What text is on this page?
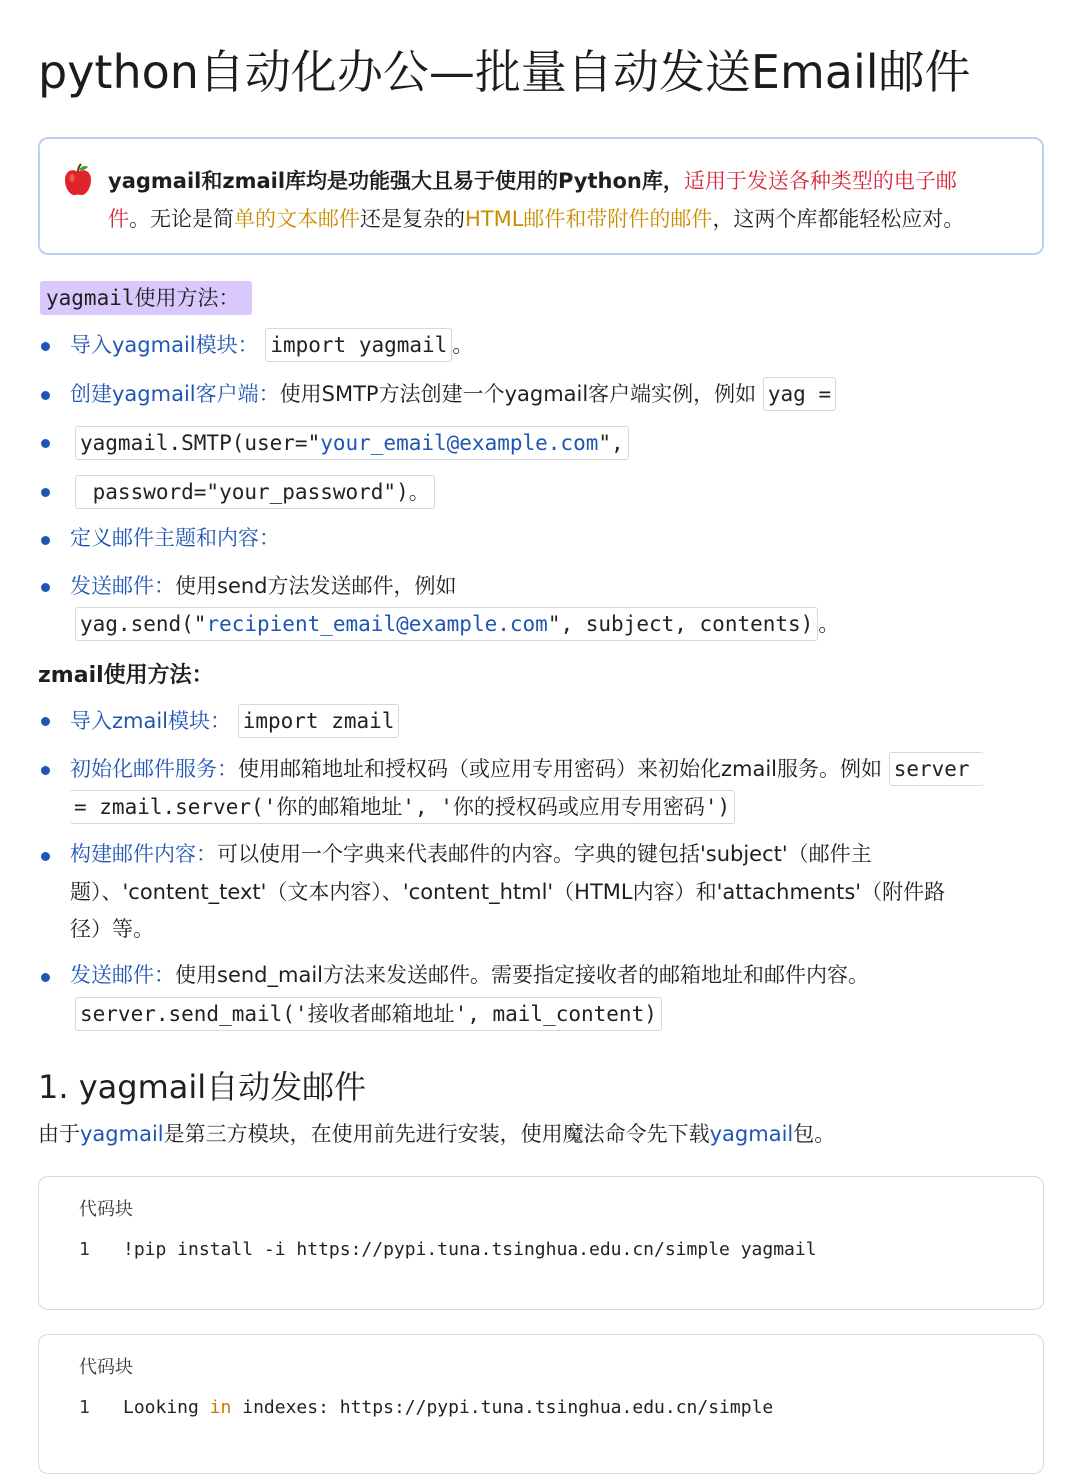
python自动化办公—批量自动发送Email邮件
yagmail和zmail库均是功能强大且易于使用的Python库，适用于发送各种类型的电子邮
件。无论是简单的文本邮件还是复杂的HTML邮件和带附件的邮件，这两个库都能轻松应对。
yagmail使用方法：
导入yagmail模块： import yagmail 。
创建yagmail客户端：使用SMTP方法创建一个yagmail客户端实例，例如 yag =
yagmail.SMTP(user="your_email@example.com",
password="your_password")。
定义邮件主题和内容：
发送邮件：使用send方法发送邮件，例如
yag.send("recipient_email@example.com", subject, contents) 。
zmail使用方法：
导入zmail模块： import zmail
初始化邮件服务：使用邮箱地址和授权码（或应用专用密码）来初始化zmail服务。例如 server
= zmail.server('你的邮箱地址', '你的授权码或应用专用密码')
构建邮件内容：可以使用一个字典来代表邮件的内容。字典的键包括'subject'（邮件主
题）、'content_text'（文本内容）、'content_html'（HTML内容）和'attachments'（附件路
径）等。
发送邮件：使用send_mail方法来发送邮件。需要指定接收者的邮箱地址和邮件内容。
server.send_mail('接收者邮箱地址', mail_content)
1. yagmail自动发邮件
由于yagmail是第三方模块，在使用前先进行安装，使用魔法命令先下载yagmail包。
代码块
1 !pip install -i https://pypi.tuna.tsinghua.edu.cn/simple yagmail
代码块
1 Looking in indexes: https://pypi.tuna.tsinghua.edu.cn/simple
